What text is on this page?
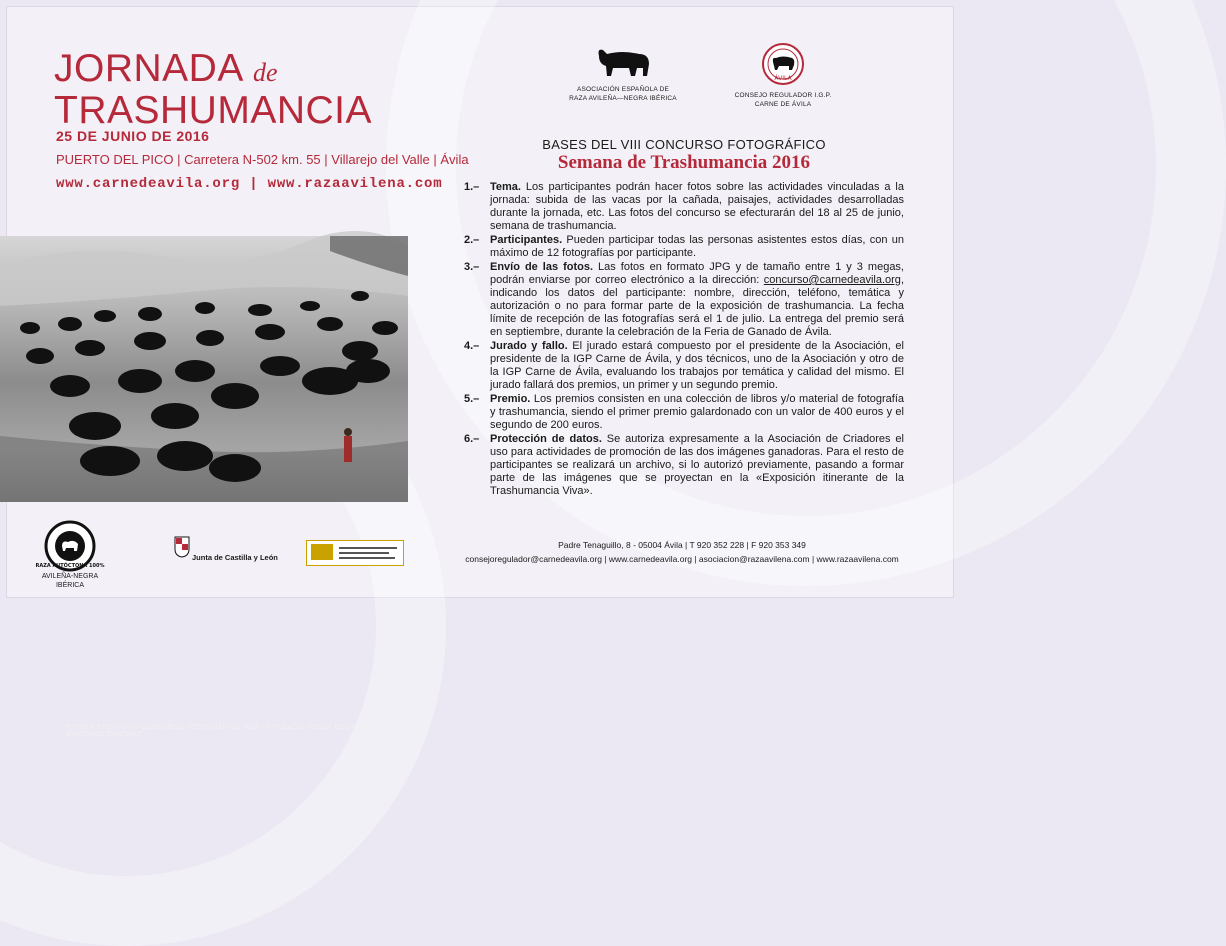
JORNADA de
TRASHUMANCIA
25 DE JUNIO DE 2016
PUERTO DEL PICO | Carretera N-502 km. 55 | Villarejo del Valle | Ávila
www.carnedeavila.org | www.razaavilena.com
PRIMER PREMIO VII CONCURSO FOTOGRÁFICO 2015 - TITULADO ANSÓN EDUARDO MARTÍNEZ SÁNCHEZ
ASOCIACIÓN ESPAÑOLA DE RAZA AVILEÑA—NEGRA IBÉRICA
ÁVILA
CONSEJO REGULADOR I.G.P. CARNE DE ÁVILA
BASES DEL VIII CONCURSO FOTOGRÁFICO
Semana de Trashumancia 2016
1.– Tema. Los participantes podrán hacer fotos sobre las actividades vinculadas a la jornada: subida de las vacas por la cañada, paisajes, actividades desarrolladas durante la jornada, etc. Las fotos del concurso se efecturarán del 18 al 25 de junio, semana de trashumancia.
2.– Participantes. Pueden participar todas las personas asistentes estos días, con un máximo de 12 fotografías por participante.
3.– Envío de las fotos. Las fotos en formato JPG y de tamaño entre 1 y 3 megas, podrán enviarse por correo electrónico a la dirección: concurso@carnedeavila.org, indicando los datos del participante: nombre, dirección, teléfono, temática y autorización o no para formar parte de la exposición de trashumancia. La fecha límite de recepción de las fotografías será el 1 de julio. La entrega del premio será en septiembre, durante la celebración de la Feria de Ganado de Ávila.
4.– Jurado y fallo. El jurado estará compuesto por el presidente de la Asociación, el presidente de la IGP Carne de Ávila, y dos técnicos, uno de la Asociación y otro de la IGP Carne de Ávila, evaluando los trabajos por temática y calidad del mismo. El jurado fallará dos premios, un primer y un segundo premio.
5.– Premio. Los premios consisten en una colección de libros y/o material de fotografía y trashumancia, siendo el primer premio galardonado con un valor de 400 euros y el segundo de 200 euros.
6.– Protección de datos. Se autoriza expresamente a la Asociación de Criadores el uso para actividades de promoción de las dos imágenes ganadoras. Para el resto de participantes se realizará un archivo, si lo autorizó previamente, pasando a formar parte de las imágenes que se proyectan en la «Exposición itinerante de la Trashumancia Viva».
RAZA AUTÓCTONA 100%
AVILEÑA-NEGRA IBÉRICA
Junta de Castilla y León
Padre Tenaguillo, 8 - 05004 Ávila | T 920 352 228 | F 920 353 349
consejoregulador@carnedeavila.org | www.carnedeavila.org | asociacion@razaavilena.com | www.razaavilena.com
